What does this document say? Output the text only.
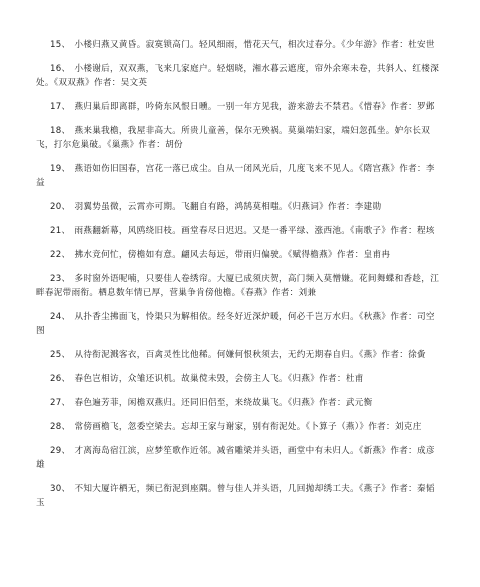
15、 小楼归燕又黄昏。寂寞锁高门。轻风细雨，惜花天气，相次过春分。《少年游》作者：杜安世
16、 小楼谢后，双双燕，飞来几家庭户。轻烟晓，湘水暮云遮度，帘外余寒未卷，共斜人、红楼深处。《双双燕》作者：吴文英
17、 燕归巢后即离群，吟倚东风恨日曛。一别一年方见我，游来游去不禁君。《惜春》作者：罗邺
18、 燕来巢我檐，我屋非高大。所贵儿童善，保尔无殃祸。莫巢端妇家，端妇忽孤坐。妒尔长双飞，打尔危巢破。《巢燕》作者：胡份
19、 燕语如伤旧国春，宫花一落已成尘。自从一闭风光后，几度飞来不见人。《隋宫燕》作者：李益
20、 羽翼势虽微，云霄亦可期。飞翻自有路，鸿鹄莫相嗤。《归燕词》作者：李建勋
21、 雨燕翻新幕，风鸥绕旧枝。画堂春尽日迟迟。又是一番平绿、涨西池。《南歌子》作者：程垓
22、 拂水竞何忙，傍檐如有意。翩风去每远，带雨归偏驶。《赋得檐燕》作者：皇甫冉
23、 多时窗外语呢喃，只要佳人卷绣帘。大厦已成须庆贺，高门频入莫憎嫌。花间舞蝶和香趁，江畔春泥带雨衔。栖息数年情已厚，营巢争肯傍他檐。《春燕》作者：刘兼
24、 从扑香尘拂面飞，怜渠只为解相依。经冬好近深炉暖，何必千岂万水归。《秋燕》作者：司空图
25、 从待衔泥溅客衣，百禽灵性比他稀。何嫌何恨秋须去，无约无期春自归。《燕》作者：徐夤
26、 春色岂相访，众雏还识机。故巢傥未毁，会傍主人飞。《归燕》作者：杜甫
27、 春色遍芳菲，闲檐双燕归。还同旧侣至，来绕故巢飞。《归燕》作者：武元衡
28、 常傍画檐飞，忽委空梁去。忘却王家与谢家，别有衔泥处。《卜算子（燕）》作者：刘克庄
29、 才离海岛宿江滨，应梦笙歌作近邻。减省雕梁并头语，画堂中有未归人。《新燕》作者：成彦雄
30、 不知大厦许栖无，频已衔泥到座隅。曾与佳人并头语，几回抛却绣工夫。《燕子》作者：秦韬玉
